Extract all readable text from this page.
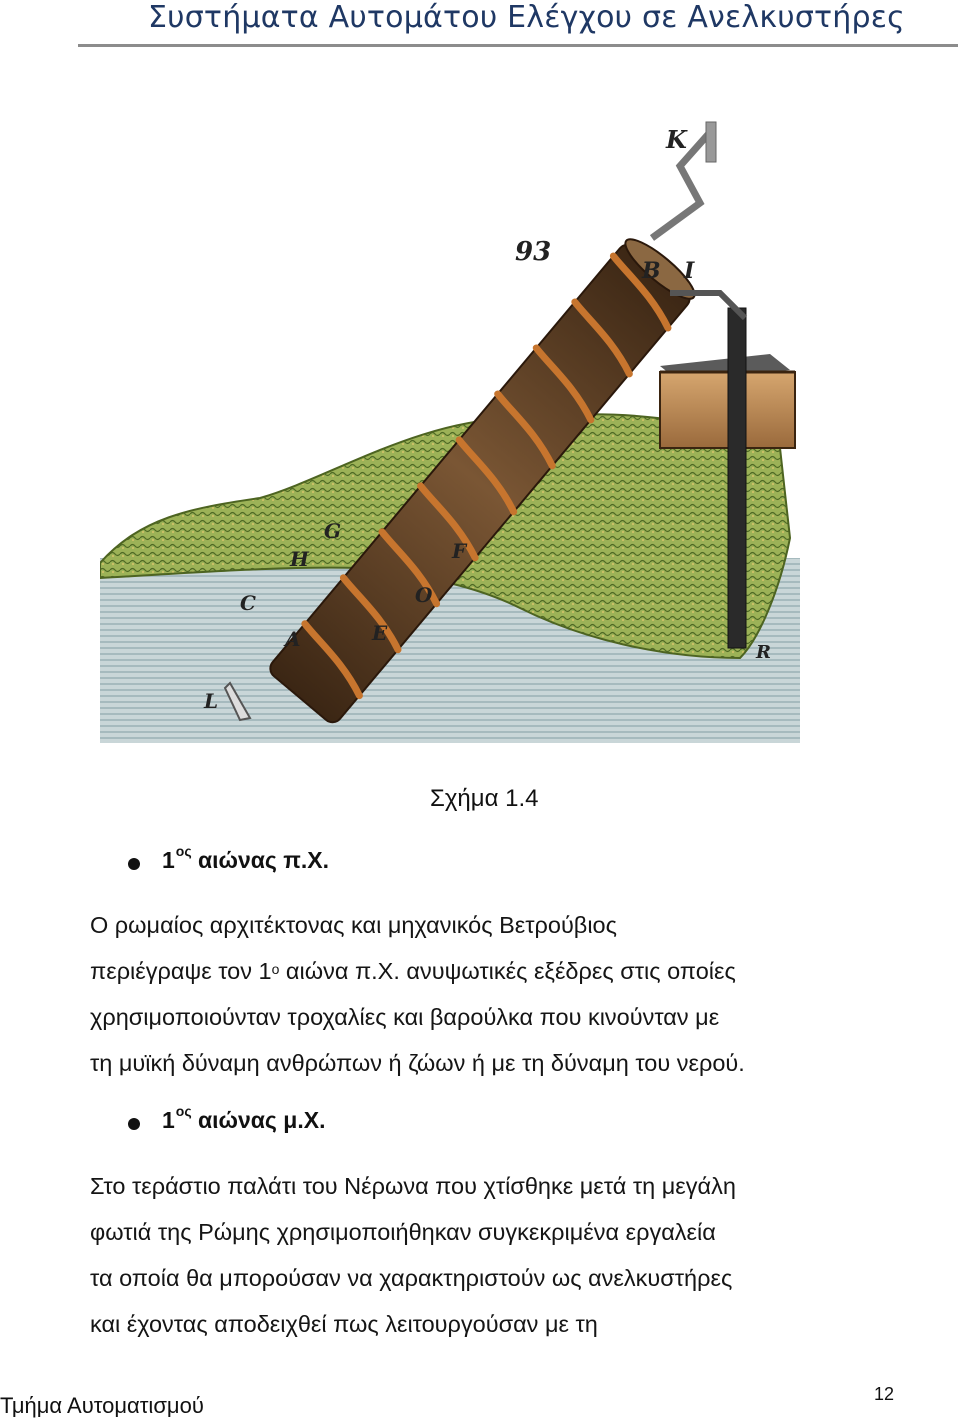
Συστήματα Αυτομάτου Ελέγχου σε Ανελκυστήρες
93
K
B I
H	F
G
C	O
A	E
L
R
Σχήμα 1.4
$1^{o\varsigma}$ αιώνας π.Χ.
Ο ρωμαίος αρχιτέκτονας και μηχανικός Βετρούβιος
περιέγραψε τον $1^o$ αιώνα π.Χ. ανυψωτικές εξέδρες στις οποίες
χρησιμοποιούνταν τροχαλίες και βαρούλκα που κινούνταν με
τη μυϊκή δύναμη ανθρώπων ή ζώων ή με τη δύναμη του νερού.
$1^{o\varsigma}$ αιώνας μ.Χ.
Στο τεράστιο παλάτι του Νέρωνα που χτίσθηκε μετά τη μεγάλη
φωτιά της Ρώμης χρησιμοποιήθηκαν συγκεκριμένα εργαλεία
τα οποία θα μπορούσαν να χαρακτηριστούν ως ανελκυστήρες
και έχοντας αποδειχθεί πως λειτουργούσαν με τη
Τμήμα Αυτοματισμού	12
